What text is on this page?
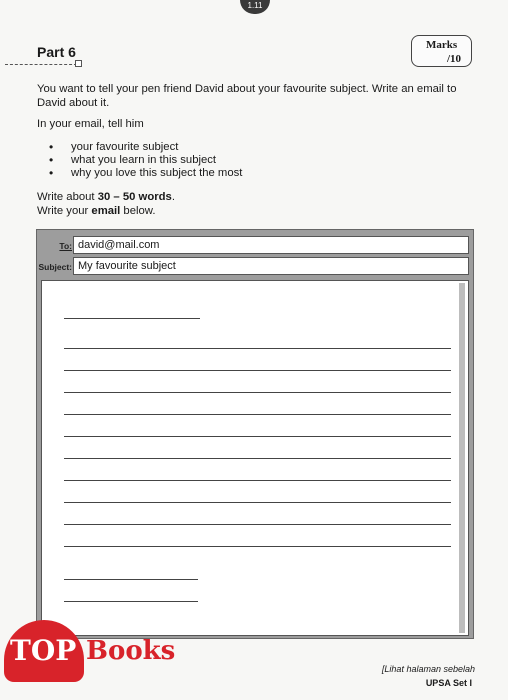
1.11
Part 6	Marks
/10

You want to tell your pen friend David about your favourite subject. Write an email to David about it.

In your email, tell him

• your favourite subject
• what you learn in this subject
• why you love this subject the most

Write about 30 – 50 words.

Write your email below.

To: david@mail.com
Subject: My favourite subject
TOP Books
[Lihat halaman sebelah
UPSA Set I
